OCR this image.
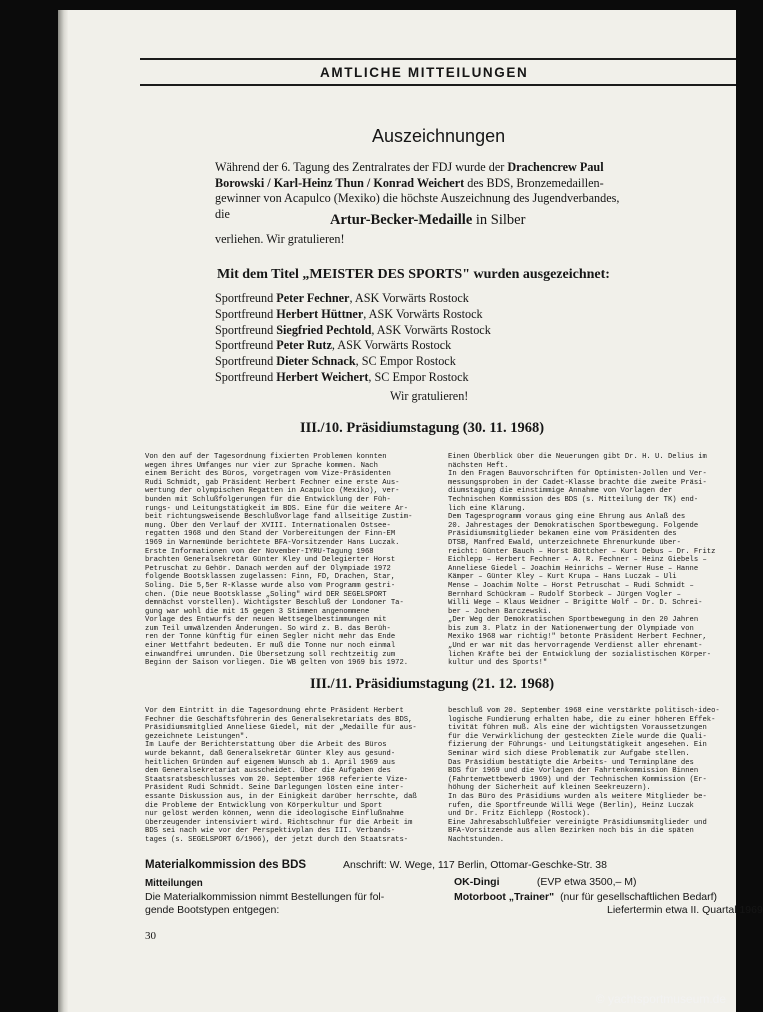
AMTLICHE MITTEILUNGEN
Auszeichnungen

Während der 6. Tagung des Zentralrates der FDJ wurde der Drachencrew Paul
Borowski / Karl-Heinz Thun / Konrad Weichert des BDS, Bronzemedaillen-
gewinner von Acapulco (Mexiko) die höchste Auszeichnung des Jugendverbandes,
die	Artur-Becker-Medaille in Silber

verliehen. Wir gratulieren!

Mit dem Titel „MEISTER DES SPORTS" wurden ausgezeichnet:

Sportfreund Peter Fechner, ASK Vorwärts Rostock
Sportfreund Herbert Hüttner, ASK Vorwärts Rostock
Sportfreund Siegfried Pechtold, ASK Vorwärts Rostock
Sportfreund Peter Rutz, ASK Vorwärts Rostock
Sportfreund Dieter Schnack, SC Empor Rostock
Sportfreund Herbert Weichert, SC Empor Rostock

Wir gratulieren!

III./10. Präsidiumstagung (30. 11. 1968)
Von den auf der Tagesordnung fixierten Problemen konnten
wegen ihres Umfanges nur vier zur Sprache kommen. Nach
einem Bericht des Büros, vorgetragen vom Vize-Präsidenten
Rudi Schmidt, gab Präsident Herbert Fechner eine erste Aus-
wertung der olympischen Regatten in Acapulco (Mexiko), ver-
bunden mit Schlußfolgerungen für die Entwicklung der Füh-
rungs- und Leitungstätigkeit im BDS. Eine für die weitere Ar-
beit richtungsweisende Beschlußvorlage fand allseitige Zustim-
mung. Über den Verlauf der XVIII. Internationalen Ostsee-
regatten 1968 und den Stand der Vorbereitungen der Finn-EM
1969 in Warnemünde berichtete BFA-Vorsitzender Hans Luczak.
Erste Informationen von der November-IYRU-Tagung 1968
brachten Generalsekretär Günter Kley und Delegierter Horst
Petruschat zu Gehör. Danach werden auf der Olympiade 1972
folgende Bootsklassen zugelassen: Finn, FD, Drachen, Star,
Soling. Die 5,5er R-Klasse wurde also vom Programm gestri-
chen. (Die neue Bootsklasse „Soling" wird DER SEGELSPORT
demnächst vorstellen). Wichtigster Beschluß der Londoner Ta-
gung war wohl die mit 15 gegen 3 Stimmen angenommene
Vorlage des Entwurfs der neuen Wettsegelbestimmungen mit
zum Teil umwälzenden Änderungen. So wird z. B. das Berüh-
ren der Tonne künftig für einen Segler nicht mehr das Ende
einer Wettfahrt bedeuten. Er muß die Tonne nur noch einmal
einwandfrei umrunden. Die Übersetzung soll rechtzeitig zum
Beginn der Saison vorliegen. Die WB gelten von 1969 bis 1972.
Einen Überblick über die Neuerungen gibt Dr. H. U. Delius im
nächsten Heft.
In den Fragen Bauvorschriften für Optimisten-Jollen und Ver-
messungsproben in der Cadet-Klasse brachte die zweite Präsi-
diumstagung die einstimmige Annahme von Vorlagen der
Technischen Kommission des BDS (s. Mitteilung der TK) end-
lich eine Klärung.
Dem Tagesprogramm voraus ging eine Ehrung aus Anlaß des
20. Jahrestages der Demokratischen Sportbewegung. Folgende
Präsidiumsmitglieder bekamen eine vom Präsidenten des
DTSB, Manfred Ewald, unterzeichnete Ehrenurkunde über-
reicht: Günter Bauch – Horst Böttcher – Kurt Debus – Dr. Fritz
Eichlepp – Herbert Fechner – A. R. Fechner – Heinz Giebels –
Anneliese Giedel – Joachim Heinrichs – Werner Huse – Hanne
Kämper – Günter Kley – Kurt Krupa – Hans Luczak – Uli
Mense – Joachim Nolte – Horst Petruschat – Rudi Schmidt –
Bernhard Schückram – Rudolf Storbeck – Jürgen Vogler –
Willi Wege – Klaus Weidner – Brigitte Wolf – Dr. D. Schrei-
ber – Jochen Barczewski.
„Der Weg der Demokratischen Sportbewegung in den 20 Jahren
bis zum 3. Platz in der Nationenwertung der Olympiade von
Mexiko 1968 war richtig!" betonte Präsident Herbert Fechner,
„Und er war mit das hervorragende Verdienst aller ehrenamt-
lichen Kräfte bei der Entwicklung der sozialistischen Körper-
kultur und des Sports!"
III./11. Präsidiumstagung (21. 12. 1968)
Vor dem Eintritt in die Tagesordnung ehrte Präsident Herbert
Fechner die Geschäftsführerin des Generalsekretariats des BDS,
Präsidiumsmitglied Anneliese Giedel, mit der „Medaille für aus-
gezeichnete Leistungen".
Im Laufe der Berichterstattung über die Arbeit des Büros
wurde bekannt, daß Generalsekretär Günter Kley aus gesund-
heitlichen Gründen auf eigenem Wunsch ab 1. April 1969 aus
dem Generalsekretariat ausscheidet. Über die Aufgaben des
Staatsratsbeschlusses vom 20. September 1968 referierte Vize-
Präsident Rudi Schmidt. Seine Darlegungen lösten eine inter-
essante Diskussion aus, in der Einigkeit darüber herrschte, daß
die Probleme der Entwicklung von Körperkultur und Sport
nur gelöst werden können, wenn die ideologische Einflußnahme
überzeugender intensiviert wird. Richtschnur für die Arbeit im
BDS sei nach wie vor der Perspektivplan des III. Verbands-
tages (s. SEGELSPORT 6/1966), der jetzt durch den Staatsrats-
beschluß vom 20. September 1968 eine verstärkte politisch-ideo-
logische Fundierung erhalten habe, die zu einer höheren Effek-
tivität führen muß. Als eine der wichtigsten Voraussetzungen
für die Verwirklichung der gesteckten Ziele wurde die Quali-
fizierung der Führungs- und Leitungstätigkeit angesehen. Ein
Seminar wird sich diese Problematik zur Aufgabe stellen.
Das Präsidium bestätigte die Arbeits- und Terminpläne des
BDS für 1969 und die Vorlagen der Fahrtenkommission Binnen
(Fahrtenwettbewerb 1969) und der Technischen Kommission (Er-
höhung der Sicherheit auf kleinen Seekreuzern).
In das Büro des Präsidiums wurden als weitere Mitglieder be-
rufen, die Sportfreunde Willi Wege (Berlin), Heinz Luczak
und Dr. Fritz Eichlepp (Rostock).
Eine Jahresabschlußfeier vereinigte Präsidiumsmitglieder und
BFA-Vorsitzende aus allen Bezirken noch bis in die späten
Nachtstunden.
Materialkommission des BDS	Anschrift: W. Wege, 117 Berlin, Ottomar-Geschke-Str. 38
Mitteilungen
Die Materialkommission nimmt Bestellungen für fol-
gende Bootstypen entgegen:
OK-Dingi	(EVP etwa 3500,– M)
Motorboot „Trainer" (nur für gesellschaftlichen Bedarf)
Liefertermin etwa II. Quartal 1969
30
© yachtsportmuseum.de
